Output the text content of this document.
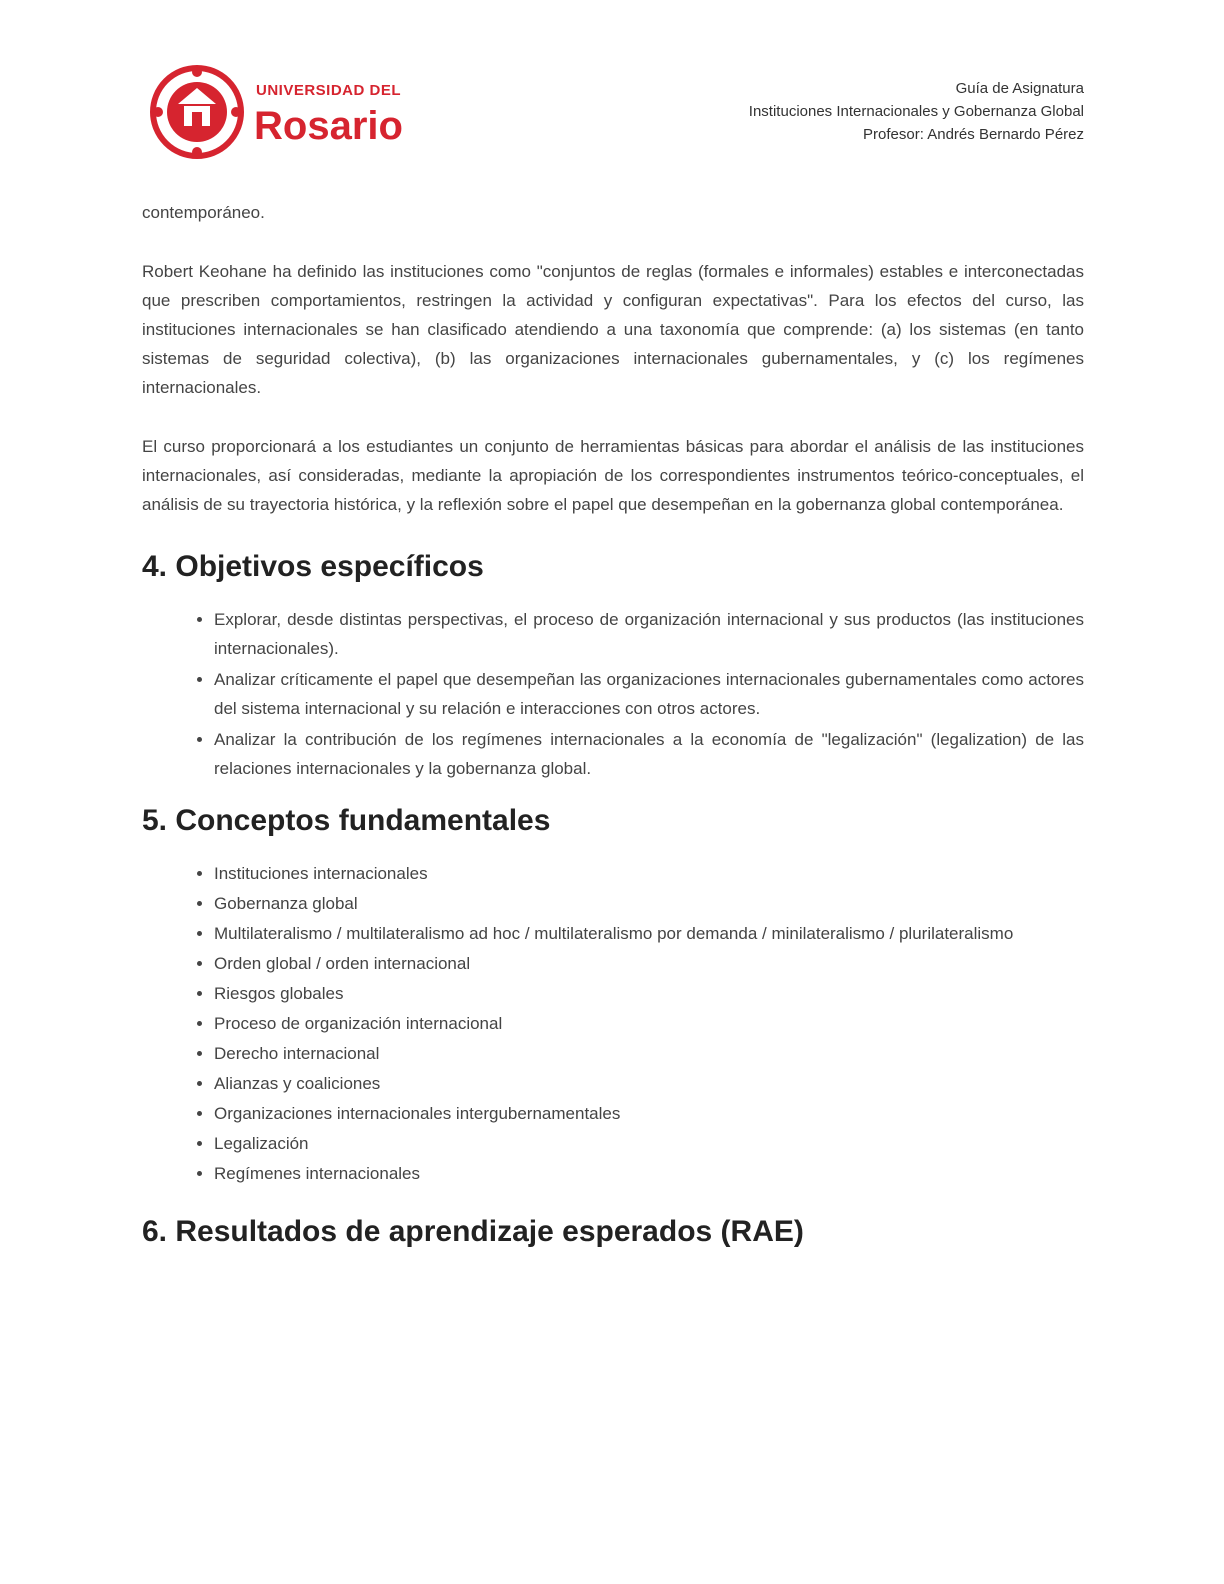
UNIVERSIDAD DEL
Rosario
Guía de Asignatura
Instituciones Internacionales y Gobernanza Global
Profesor: Andrés Bernardo Pérez

contemporáneo.

Robert Keohane ha definido las instituciones como "conjuntos de reglas (formales e informales) estables e interconectadas que prescriben comportamientos, restringen la actividad y configuran expectativas". Para los efectos del curso, las instituciones internacionales se han clasificado atendiendo a una taxonomía que comprende: (a) los sistemas (en tanto sistemas de seguridad colectiva), (b) las organizaciones internacionales gubernamentales, y (c) los regímenes internacionales.

El curso proporcionará a los estudiantes un conjunto de herramientas básicas para abordar el análisis de las instituciones internacionales, así consideradas, mediante la apropiación de los correspondientes instrumentos teórico-conceptuales, el análisis de su trayectoria histórica, y la reflexión sobre el papel que desempeñan en la gobernanza global contemporánea.

4. Objetivos específicos
• Explorar, desde distintas perspectivas, el proceso de organización internacional y sus productos (las instituciones internacionales).
• Analizar críticamente el papel que desempeñan las organizaciones internacionales gubernamentales como actores del sistema internacional y su relación e interacciones con otros actores.
• Analizar la contribución de los regímenes internacionales a la economía de "legalización" (legalization) de las relaciones internacionales y la gobernanza global.
5. Conceptos fundamentales
• Instituciones internacionales
• Gobernanza global
• Multilateralismo / multilateralismo ad hoc / multilateralismo por demanda / minilateralismo / plurilateralismo
• Orden global / orden internacional
• Riesgos globales
• Proceso de organización internacional
• Derecho internacional
• Alianzas y coaliciones
• Organizaciones internacionales intergubernamentales
• Legalización
• Regímenes internacionales
6. Resultados de aprendizaje esperados (RAE)
